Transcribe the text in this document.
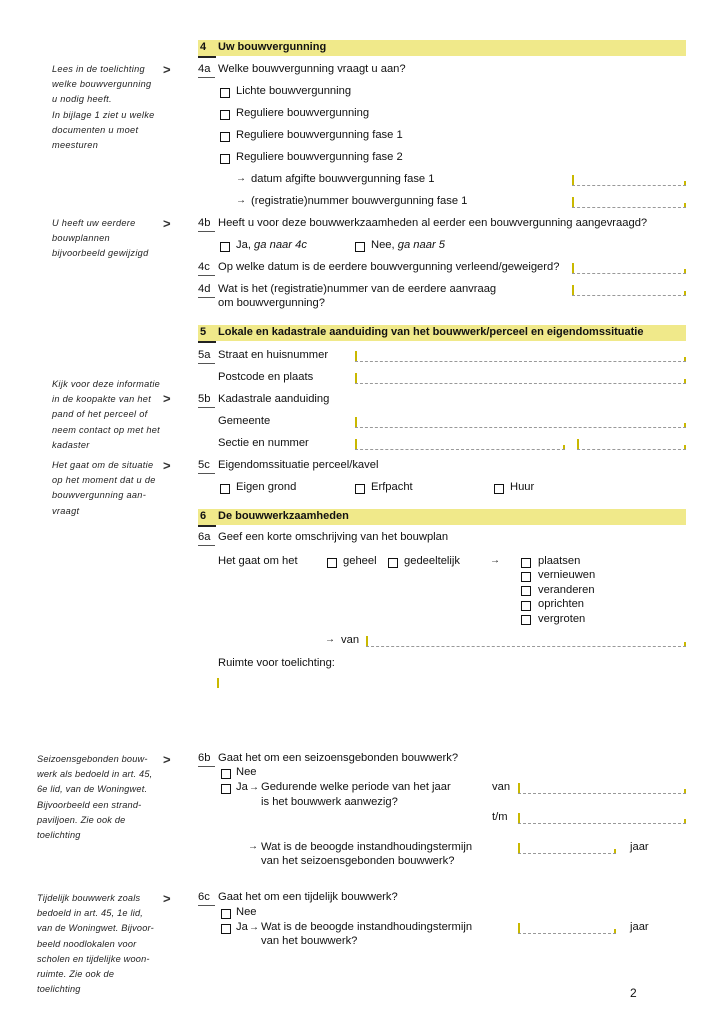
Lees in de toelichting
welke bouwvergunning
u nodig heeft.
In bijlage 1 ziet u welke
documenten u moet
meesturen
>
U heeft uw eerdere
bouwplannen
bijvoorbeeld gewijzigd
>
Kijk voor deze informatie
in de koopakte van het
pand of het perceel of
neem contact op met het
kadaster
>
Het gaat om de situatie
op het moment dat u de
bouwvergunning aan-
vraagt
>
Seizoensgebonden bouw-
werk als bedoeld in art. 45,
6e lid, van de Woningwet.
Bijvoorbeeld een strand-
paviljoen. Zie ook de
toelichting
>
Tijdelijk bouwwerk zoals
bedoeld in art. 45, 1e lid,
van de Woningwet. Bijvoor-
beeld noodlokalen voor
scholen en tijdelijke woon-
ruimte. Zie ook de
toelichting
>
4 Uw bouwvergunning
4a Welke bouwvergunning vraagt u aan?
Lichte bouwvergunning
Reguliere bouwvergunning
Reguliere bouwvergunning fase 1
Reguliere bouwvergunning fase 2
→ datum afgifte bouwvergunning fase 1
→ (registratie)nummer bouwvergunning fase 1
4b Heeft u voor deze bouwwerkzaamheden al eerder een bouwvergunning aangevraagd?
Ja, ga naar 4c	Nee, ga naar 5
4c Op welke datum is de eerdere bouwvergunning verleend/geweigerd?
4d Wat is het (registratie)nummer van de eerdere aanvraag
om bouwvergunning?
5 Lokale en kadastrale aanduiding van het bouwwerk/perceel en eigendomssituatie
5a Straat en huisnummer
Postcode en plaats
5b Kadastrale aanduiding
Gemeente
Sectie en nummer
5c Eigendomssituatie perceel/kavel
Eigen grond	Erfpacht	Huur
6 De bouwwerkzaamheden
6a Geef een korte omschrijving van het bouwplan
Het gaat om het	geheel gedeeltelijk	→	plaatsen
vernieuwen
veranderen
oprichten
vergroten
→ van
Ruimte voor toelichting:
6b Gaat het om een seizoensgebonden bouwwerk?
Nee
Ja → Gedurende welke periode van het jaar
is het bouwwerk aanwezig?
van
t/m
→ Wat is de beoogde instandhoudingstermijn
van het seizoensgebonden bouwwerk?
jaar
6c Gaat het om een tijdelijk bouwwerk?
Nee
Ja → Wat is de beoogde instandhoudingstermijn
van het bouwwerk?
jaar
2
